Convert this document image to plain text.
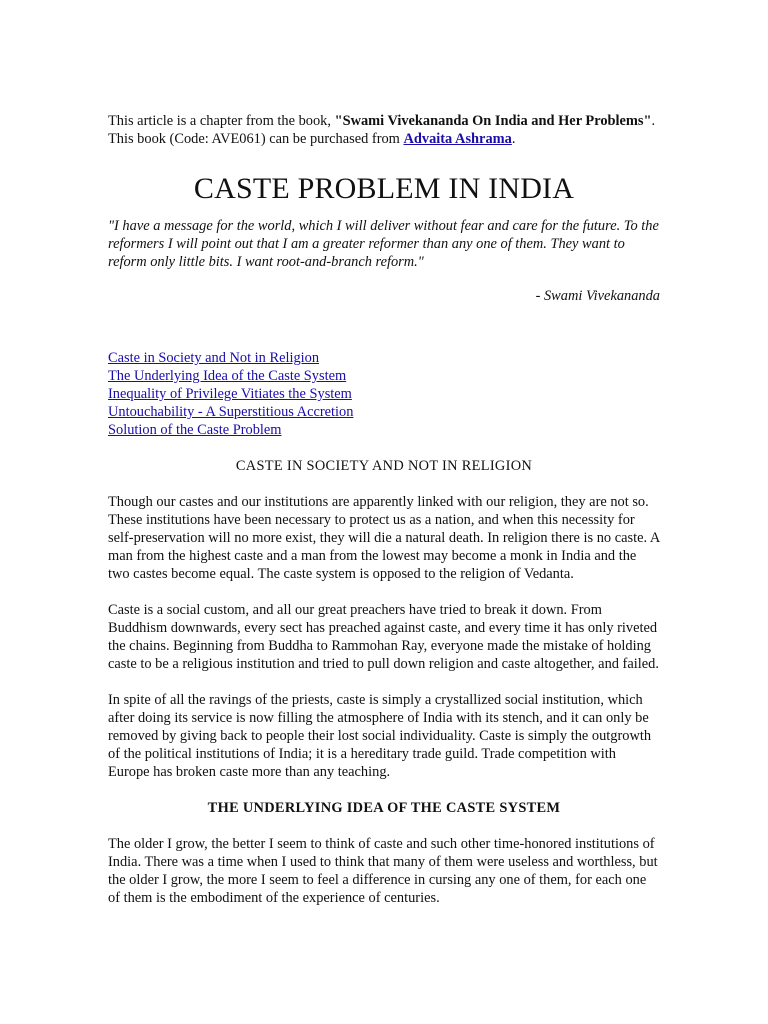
This article is a chapter from the book, "Swami Vivekananda On India and Her Problems". This book (Code: AVE061) can be purchased from Advaita Ashrama.

CASTE PROBLEM IN INDIA

"I have a message for the world, which I will deliver without fear and care for the future. To the reformers I will point out that I am a greater reformer than any one of them. They want to reform only little bits. I want root-and-branch reform."

- Swami Vivekananda

Caste in Society and Not in Religion
The Underlying Idea of the Caste System
Inequality of Privilege Vitiates the System
Untouchability - A Superstitious Accretion
Solution of the Caste Problem
CASTE IN SOCIETY AND NOT IN RELIGION

Though our castes and our institutions are apparently linked with our religion, they are not so. These institutions have been necessary to protect us as a nation, and when this necessity for self-preservation will no more exist, they will die a natural death. In religion there is no caste. A man from the highest caste and a man from the lowest may become a monk in India and the two castes become equal. The caste system is opposed to the religion of Vedanta.

Caste is a social custom, and all our great preachers have tried to break it down. From Buddhism downwards, every sect has preached against caste, and every time it has only riveted the chains. Beginning from Buddha to Rammohan Ray, everyone made the mistake of holding caste to be a religious institution and tried to pull down religion and caste altogether, and failed.

In spite of all the ravings of the priests, caste is simply a crystallized social institution, which after doing its service is now filling the atmosphere of India with its stench, and it can only be removed by giving back to people their lost social individuality. Caste is simply the outgrowth of the political institutions of India; it is a hereditary trade guild. Trade competition with Europe has broken caste more than any teaching.

THE UNDERLYING IDEA OF THE CASTE SYSTEM

The older I grow, the better I seem to think of caste and such other time-honored institutions of India. There was a time when I used to think that many of them were useless and worthless, but the older I grow, the more I seem to feel a difference in cursing any one of them, for each one of them is the embodiment of the experience of centuries.
